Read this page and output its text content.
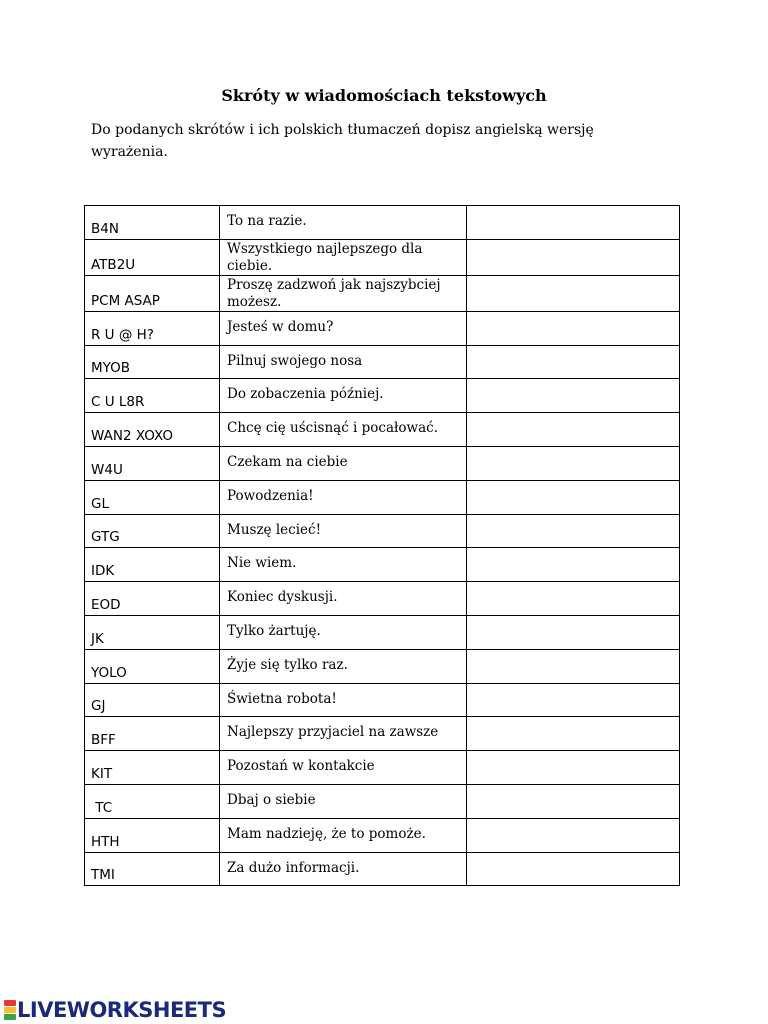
Skróty w wiadomościach tekstowych
Do podanych skrótów i ich polskich tłumaczeń dopisz angielską wersję wyrażenia.
B4N	To na razie.	

ATB2U	Wszystkiego najlepszego dla ciebie.	

PCM ASAP	Proszę zadzwoń jak najszybciej możesz.	

R U @ H?	Jesteś w domu?	

MYOB	Pilnuj swojego nosa	

C U L8R	Do zobaczenia później.	

WAN2 XOXO	Chcę cię uścisnąć i pocałować.	

W4U	Czekam na ciebie	

GL	Powodzenia!	

GTG	Muszę lecieć!	

IDK	Nie wiem.	

EOD	Koniec dyskusji.	

JK	Tylko żartuję.	

YOLO	Żyje się tylko raz.	

GJ	Świetna robota!	

BFF	Najlepszy przyjaciel na zawsze	

KIT	Pozostań w kontakcie	

TC	Dbaj o siebie	

HTH	Mam nadzieję, że to pomoże.	

TMI	Za dużo informacji.	

LIVEWORKSHEETS
